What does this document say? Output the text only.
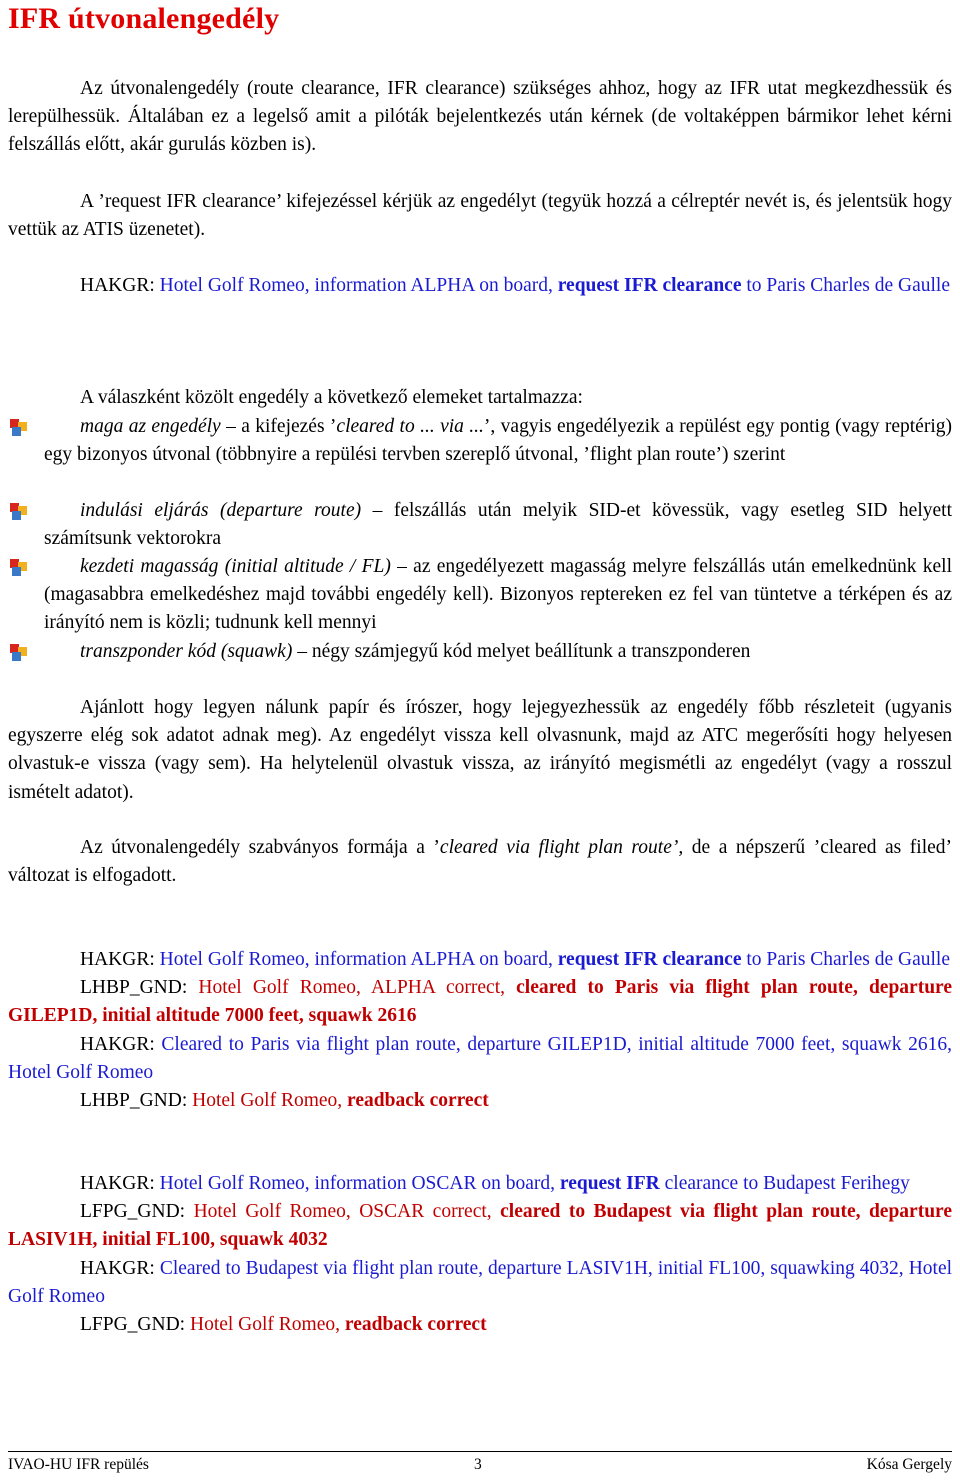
IFR útvonalengedély

Az útvonalengedély (route clearance, IFR clearance) szükséges ahhoz, hogy az IFR utat megkezdhessük és lerepülhessük. Általában ez a legelső amit a pilóták bejelentkezés után kérnek (de voltaképpen bármikor lehet kérni felszállás előtt, akár gurulás közben is).

A ’request IFR clearance’ kifejezéssel kérjük az engedélyt (tegyük hozzá a célreptér nevét is, és jelentsük hogy vettük az ATIS üzenetet).

HAKGR: Hotel Golf Romeo, information ALPHA on board, request IFR clearance to Paris Charles de Gaulle

A válaszként közölt engedély a következő elemeket tartalmazza:

maga az engedély – a kifejezés ’cleared to ... via ...’, vagyis engedélyezik a repülést egy pontig (vagy reptérig) egy bizonyos útvonal (többnyire a repülési tervben szereplő útvonal, ’flight plan route’) szerint

indulási eljárás (departure route) – felszállás után melyik SID-et kövessük, vagy esetleg SID helyett számítsunk vektorokra

kezdeti magasság (initial altitude / FL) – az engedélyezett magasság melyre felszállás után emelkednünk kell (magasabbra emelkedéshez majd további engedély kell). Bizonyos reptereken ez fel van tüntetve a térképen és az irányító nem is közli; tudnunk kell mennyi

transzponder kód (squawk) – négy számjegyű kód melyet beállítunk a transzponderen

Ajánlott hogy legyen nálunk papír és írószer, hogy lejegyezhessük az engedély főbb részleteit (ugyanis egyszerre elég sok adatot adnak meg). Az engedélyt vissza kell olvasnunk, majd az ATC megerősíti hogy helyesen olvastuk-e vissza (vagy sem). Ha helytelenül olvastuk vissza, az irányító megismétli az engedélyt (vagy a rosszul ismételt adatot).

Az útvonalengedély szabványos formája a ’cleared via flight plan route’, de a népszerű ’cleared as filed’ változat is elfogadott.

HAKGR: Hotel Golf Romeo, information ALPHA on board, request IFR clearance to Paris Charles de Gaulle

LHBP_GND: Hotel Golf Romeo, ALPHA correct, cleared to Paris via flight plan route, departure GILEP1D, initial altitude 7000 feet, squawk 2616

HAKGR: Cleared to Paris via flight plan route, departure GILEP1D, initial altitude 7000 feet, squawk 2616, Hotel Golf Romeo

LHBP_GND: Hotel Golf Romeo, readback correct

HAKGR: Hotel Golf Romeo, information OSCAR on board, request IFR clearance to Budapest Ferihegy

LFPG_GND: Hotel Golf Romeo, OSCAR correct, cleared to Budapest via flight plan route, departure LASIV1H, initial FL100, squawk 4032

HAKGR: Cleared to Budapest via flight plan route, departure LASIV1H, initial FL100, squawking 4032, Hotel Golf Romeo

LFPG_GND: Hotel Golf Romeo, readback correct

IVAO-HU IFR repülés	3	Kósa Gergely
